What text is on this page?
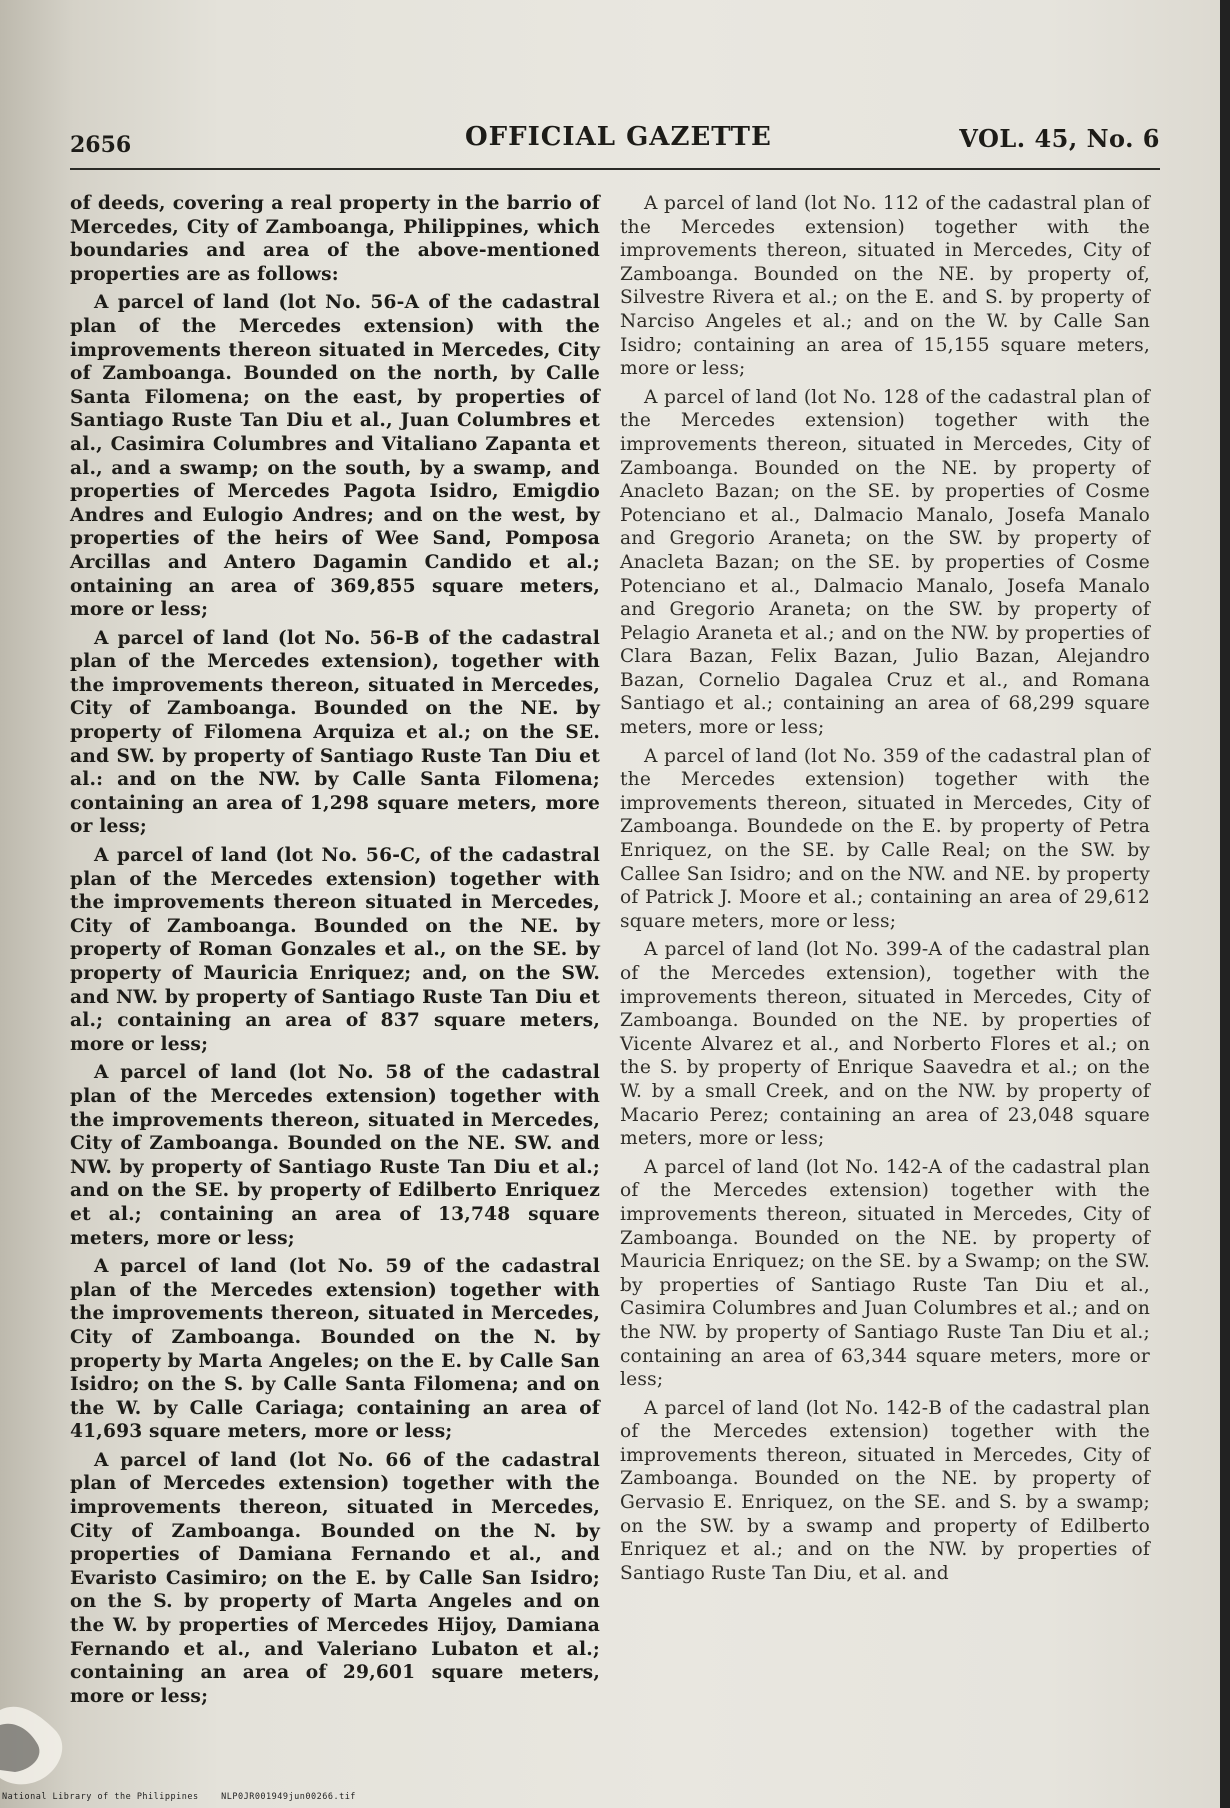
2656	OFFICIAL GAZETTE	VOL. 45, No. 6

of deeds, covering a real property in the barrio of Mercedes, City of Zamboanga, Philippines, which boundaries and area of the above-mentioned properties are as follows:

A parcel of land (lot No. 56-A of the cadastral plan of the Mercedes extension) with the improvements thereon situated in Mercedes, City of Zamboanga. Bounded on the north, by Calle Santa Filomena; on the east, by properties of Santiago Ruste Tan Diu et al., Juan Columbres et al., Casimira Columbres and Vitaliano Zapanta et al., and a swamp; on the south, by a swamp, and properties of Mercedes Pagota Isidro, Emigdio Andres and Eulogio Andres; and on the west, by properties of the heirs of Wee Sand, Pomposa Arcillas and Antero Dagamin Candido et al.; ontaining an area of 369,855 square meters, more or less;

A parcel of land (lot No. 56-B of the cadastral plan of the Mercedes extension), together with the improvements thereon, situated in Mercedes, City of Zamboanga. Bounded on the NE. by property of Filomena Arquiza et al.; on the SE. and SW. by property of Santiago Ruste Tan Diu et al.: and on the NW. by Calle Santa Filomena; containing an area of 1,298 square meters, more or less;

A parcel of land (lot No. 56-C, of the cadastral plan of the Mercedes extension) together with the improvements thereon situated in Mercedes, City of Zamboanga. Bounded on the NE. by property of Roman Gonzales et al., on the SE. by property of Mauricia Enriquez; and, on the SW. and NW. by property of Santiago Ruste Tan Diu et al.; containing an area of 837 square meters, more or less;

A parcel of land (lot No. 58 of the cadastral plan of the Mercedes extension) together with the improvements thereon, situated in Mercedes, City of Zamboanga. Bounded on the NE. SW. and NW. by property of Santiago Ruste Tan Diu et al.; and on the SE. by property of Edilberto Enriquez et al.; containing an area of 13,748 square meters, more or less;

A parcel of land (lot No. 59 of the cadastral plan of the Mercedes extension) together with the improvements thereon, situated in Mercedes, City of Zamboanga. Bounded on the N. by property by Marta Angeles; on the E. by Calle San Isidro; on the S. by Calle Santa Filomena; and on the W. by Calle Cariaga; containing an area of 41,693 square meters, more or less;

A parcel of land (lot No. 66 of the cadastral plan of Mercedes extension) together with the improvements thereon, situated in Mercedes, City of Zamboanga. Bounded on the N. by properties of Damiana Fernando et al., and Evaristo Casimiro; on the E. by Calle San Isidro; on the S. by property of Marta Angeles and on the W. by properties of Mercedes Hijoy, Damiana Fernando et al., and Valeriano Lubaton et al.; containing an area of 29,601 square meters, more or less;

A parcel of land (lot No. 112 of the cadastral plan of the Mercedes extension) together with the improvements thereon, situated in Mercedes, City of Zamboanga. Bounded on the NE. by property of, Silvestre Rivera et al.; on the E. and S. by property of Narciso Angeles et al.; and on the W. by Calle San Isidro; containing an area of 15,155 square meters, more or less;

A parcel of land (lot No. 128 of the cadastral plan of the Mercedes extension) together with the improvements thereon, situated in Mercedes, City of Zamboanga. Bounded on the NE. by property of Anacleto Bazan; on the SE. by properties of Cosme Potenciano et al., Dalmacio Manalo, Josefa Manalo and Gregorio Araneta; on the SW. by property of Anacleta Bazan; on the SE. by properties of Cosme Potenciano et al., Dalmacio Manalo, Josefa Manalo and Gregorio Araneta; on the SW. by property of Pelagio Araneta et al.; and on the NW. by properties of Clara Bazan, Felix Bazan, Julio Bazan, Alejandro Bazan, Cornelio Dagalea Cruz et al., and Romana Santiago et al.; containing an area of 68,299 square meters, more or less;

A parcel of land (lot No. 359 of the cadastral plan of the Mercedes extension) together with the improvements thereon, situated in Mercedes, City of Zamboanga. Boundede on the E. by property of Petra Enriquez, on the SE. by Calle Real; on the SW. by Callee San Isidro; and on the NW. and NE. by property of Patrick J. Moore et al.; containing an area of 29,612 square meters, more or less;

A parcel of land (lot No. 399-A of the cadastral plan of the Mercedes extension), together with the improvements thereon, situated in Mercedes, City of Zamboanga. Bounded on the NE. by properties of Vicente Alvarez et al., and Norberto Flores et al.; on the S. by property of Enrique Saavedra et al.; on the W. by a small Creek, and on the NW. by property of Macario Perez; containing an area of 23,048 square meters, more or less;

A parcel of land (lot No. 142-A of the cadastral plan of the Mercedes extension) together with the improvements thereon, situated in Mercedes, City of Zamboanga. Bounded on the NE. by property of Mauricia Enriquez; on the SE. by a Swamp; on the SW. by properties of Santiago Ruste Tan Diu et al., Casimira Columbres and Juan Columbres et al.; and on the NW. by property of Santiago Ruste Tan Diu et al.; containing an area of 63,344 square meters, more or less;

A parcel of land (lot No. 142-B of the cadastral plan of the Mercedes extension) together with the improvements thereon, situated in Mercedes, City of Zamboanga. Bounded on the NE. by property of Gervasio E. Enriquez, on the SE. and S. by a swamp; on the SW. by a swamp and property of Edilberto Enriquez et al.; and on the NW. by properties of Santiago Ruste Tan Diu, et al. and

National Library of the Philippines	NLP0JR001949jun00266.tif
